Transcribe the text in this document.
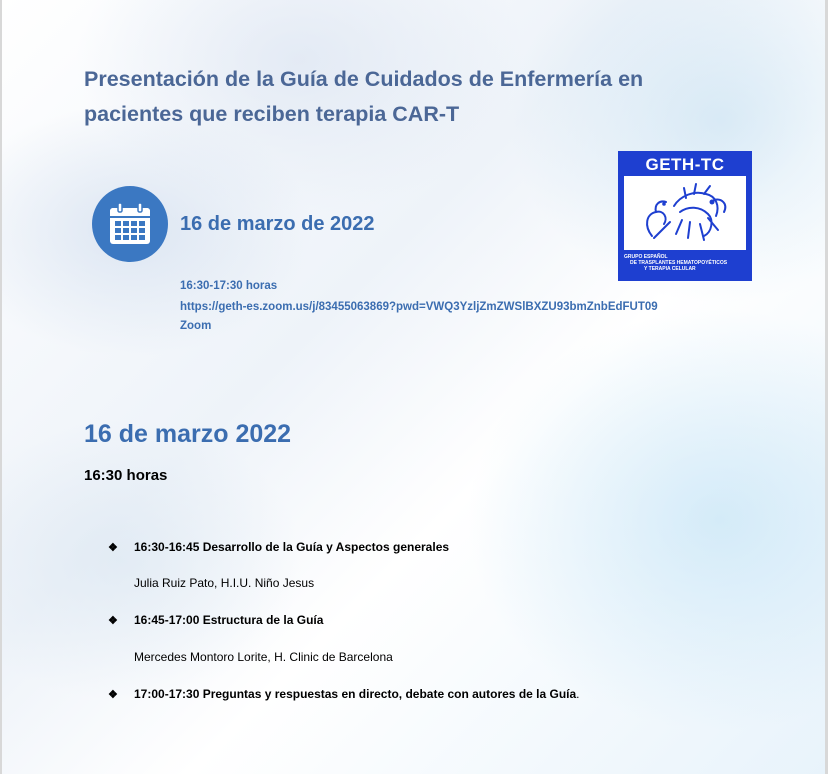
Presentación de la Guía de Cuidados de Enfermería en
pacientes que reciben terapia CAR-T
16 de marzo de 2022
16:30-17:30 horas
https://geth-es.zoom.us/j/83455063869?pwd=VWQ3YzljZmZWSlBXZU93bmZnbEdFUT09
Zoom
GETH-TC
GRUPO ESPAÑOL
DE TRASPLANTES HEMATOPOYÉTICOS
Y TERAPIA CELULAR
16 de marzo 2022
16:30 horas
❖ 16:30-16:45 Desarrollo de la Guía y Aspectos generales
Julia Ruiz Pato, H.I.U. Niño Jesus
❖ 16:45-17:00 Estructura de la Guía
Mercedes Montoro Lorite, H. Clinic de Barcelona
❖ 17:00-17:30 Preguntas y respuestas en directo, debate con autores de la Guía.
